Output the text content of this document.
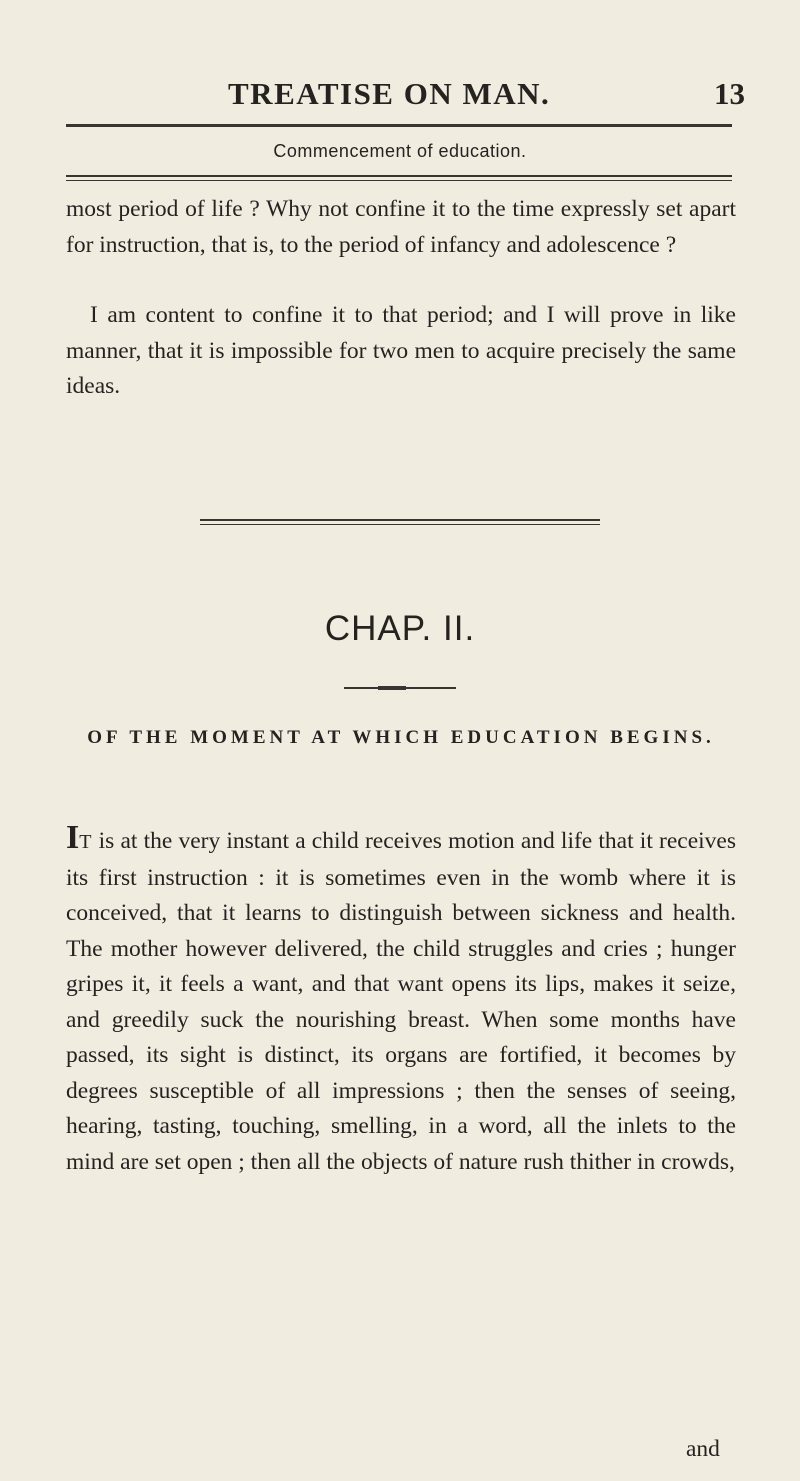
TREATISE ON MAN.	13
Commencement of education.

most period of life ? Why not confine it to the time expressly set apart for instruction, that is, to the period of infancy and adolescence ?

I am content to confine it to that period; and I will prove in like manner, that it is impossible for two men to acquire precisely the same ideas.

CHAP. II.

OF THE MOMENT AT WHICH EDUCATION BEGINS.

IT is at the very instant a child receives motion and life that it receives its first instruction : it is sometimes even in the womb where it is conceived, that it learns to distinguish between sickness and health. The mother however delivered, the child struggles and cries ; hunger gripes it, it feels a want, and that want opens its lips, makes it seize, and greedily suck the nourishing breast. When some months have passed, its sight is distinct, its organs are fortified, it becomes by degrees susceptible of all impressions ; then the senses of seeing, hearing, tasting, touching, smelling, in a word, all the inlets to the mind are set open ; then all the objects of nature rush thither in crowds,

and
